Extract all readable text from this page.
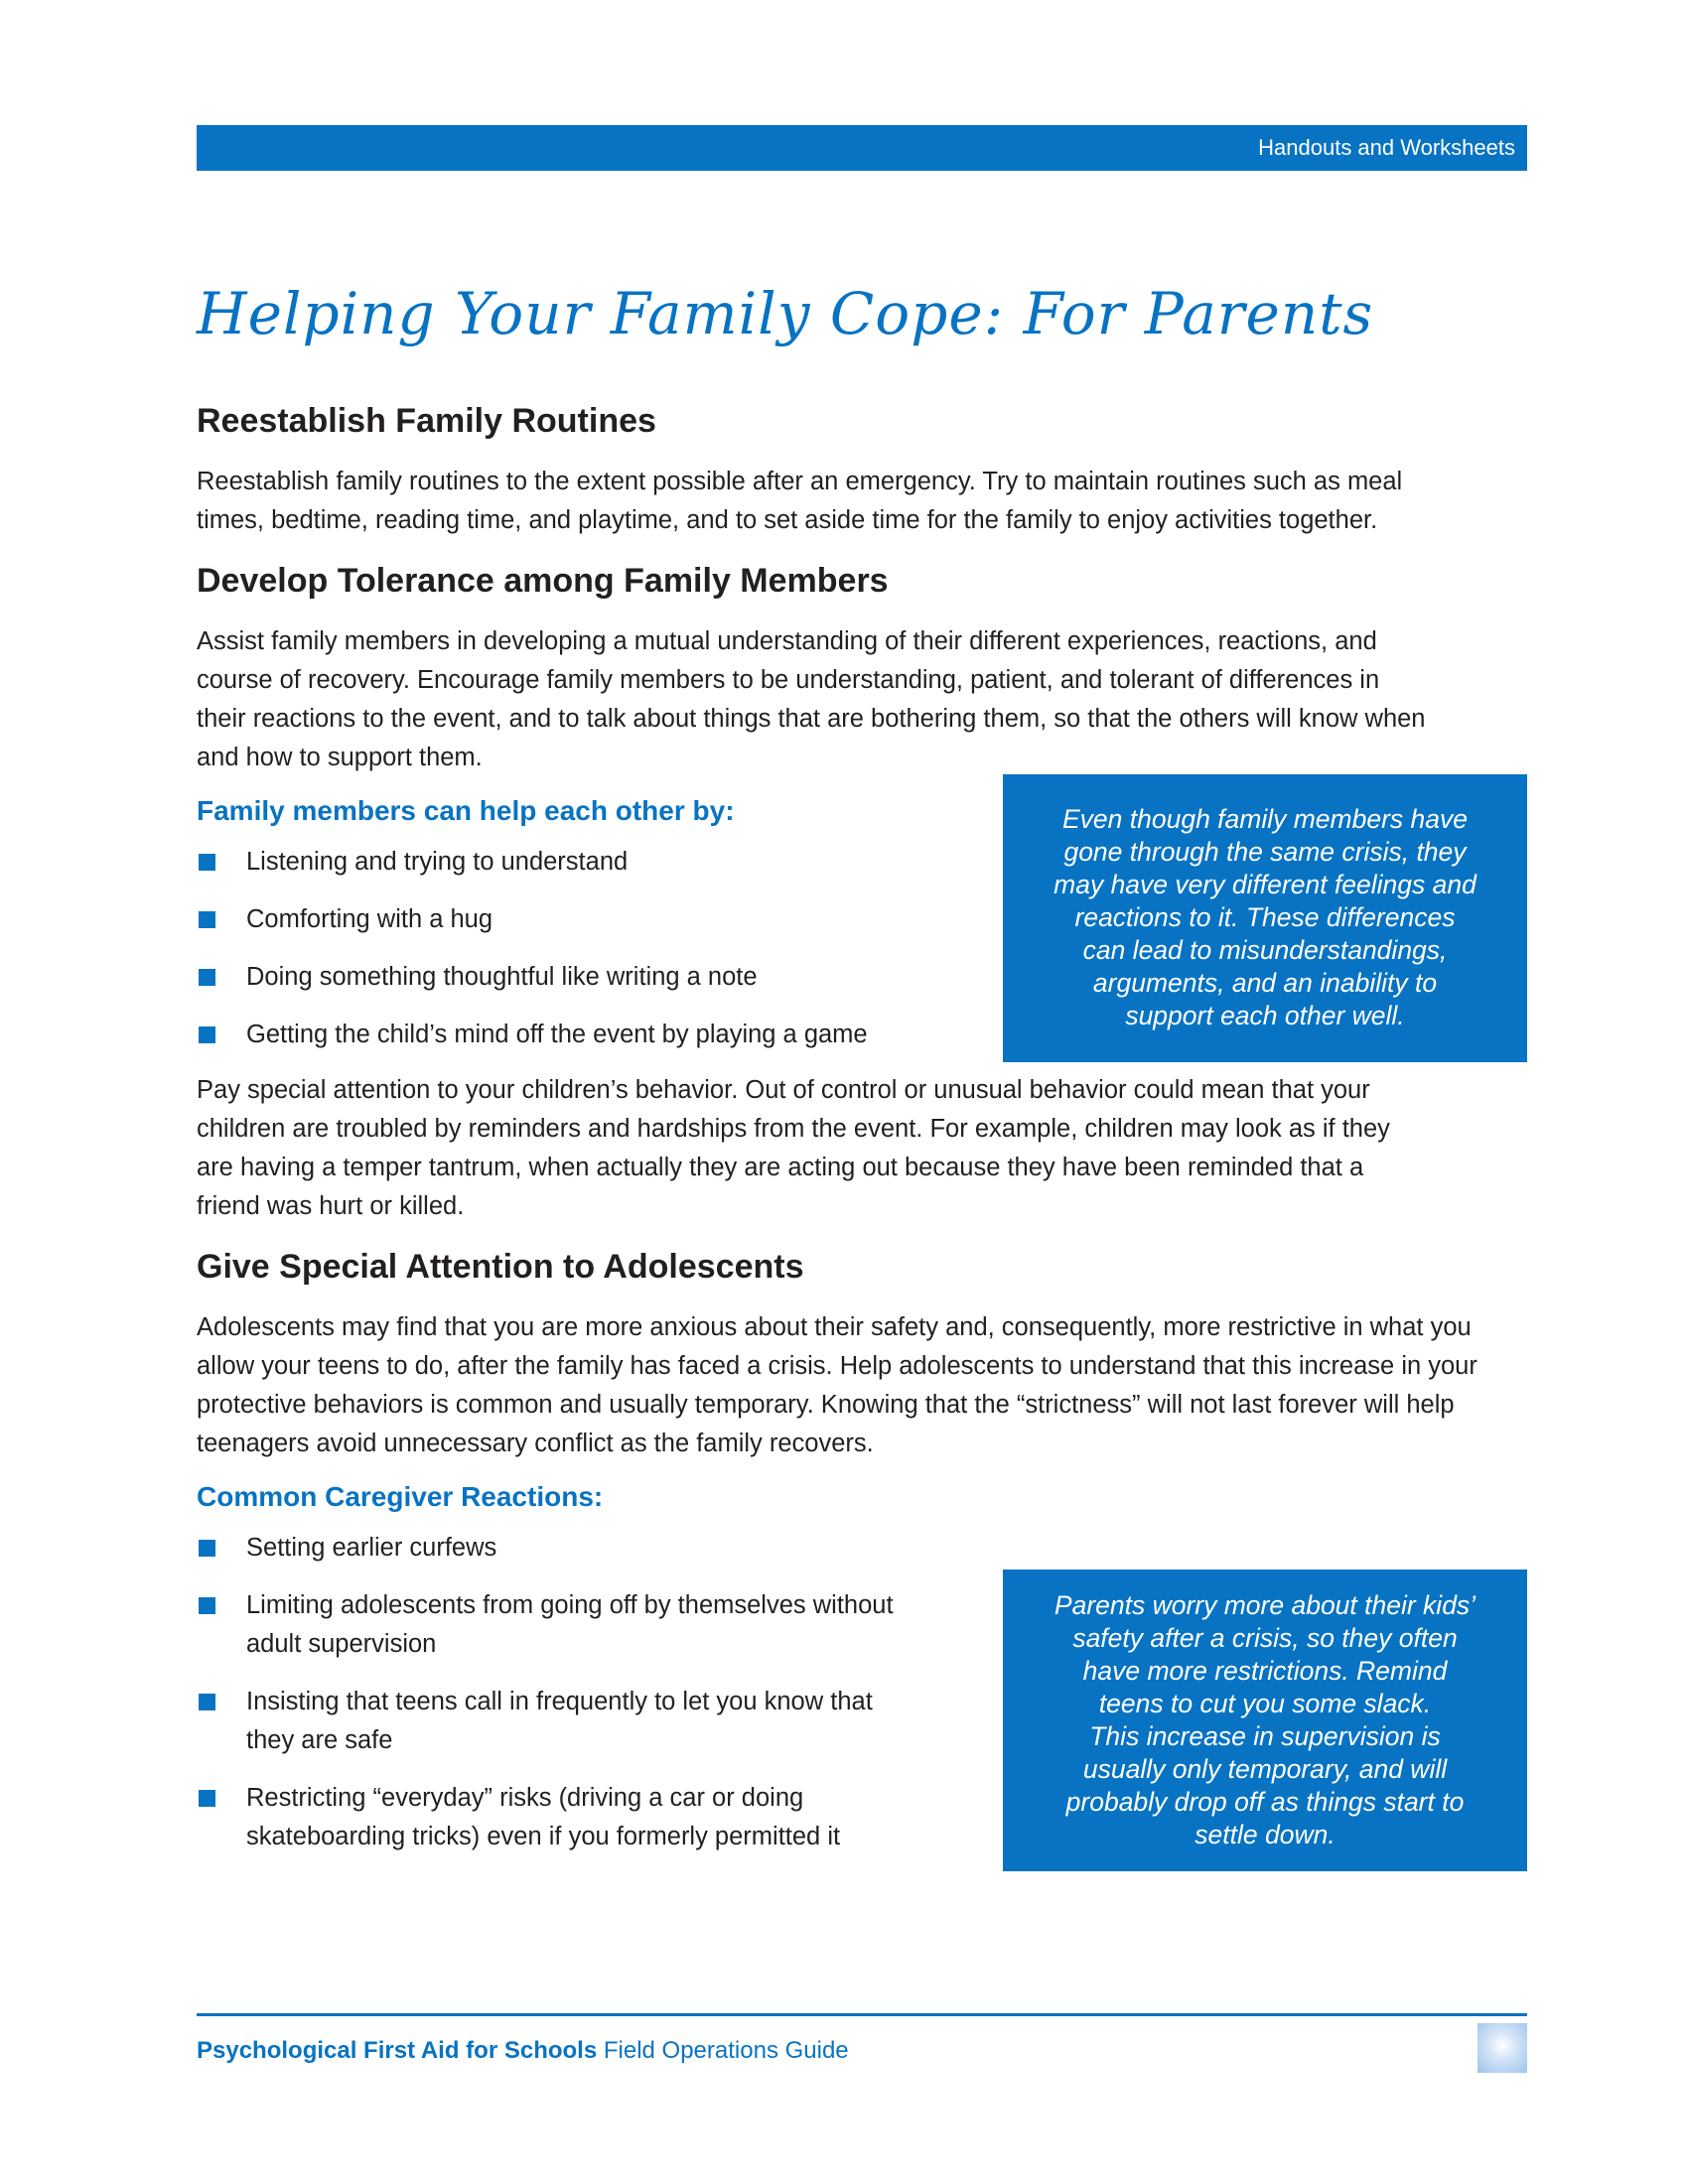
Handouts and Worksheets
Helping Your Family Cope: For Parents
Reestablish Family Routines

Reestablish family routines to the extent possible after an emergency. Try to maintain routines such as meal
times, bedtime, reading time, and playtime, and to set aside time for the family to enjoy activities together.

Develop Tolerance among Family Members

Assist family members in developing a mutual understanding of their different experiences, reactions, and
course of recovery. Encourage family members to be understanding, patient, and tolerant of differences in
their reactions to the event, and to talk about things that are bothering them, so that the others will know when
and how to support them.

Family members can help each other by:
Listening and trying to understand
Comforting with a hug
Doing something thoughtful like writing a note
Getting the child’s mind off the event by playing a game

Pay special attention to your children’s behavior. Out of control or unusual behavior could mean that your
children are troubled by reminders and hardships from the event. For example, children may look as if they
are having a temper tantrum, when actually they are acting out because they have been reminded that a
friend was hurt or killed.

Give Special Attention to Adolescents

Adolescents may find that you are more anxious about their safety and, consequently, more restrictive in what you
allow your teens to do, after the family has faced a crisis. Help adolescents to understand that this increase in your
protective behaviors is common and usually temporary. Knowing that the “strictness” will not last forever will help
teenagers avoid unnecessary conflict as the family recovers.

Common Caregiver Reactions:
Setting earlier curfews
Limiting adolescents from going off by themselves without
adult supervision
Insisting that teens call in frequently to let you know that
they are safe
Restricting “everyday” risks (driving a car or doing
skateboarding tricks) even if you formerly permitted it
Even though family members have
gone through the same crisis, they
may have very different feelings and
reactions to it. These differences
can lead to misunderstandings,
arguments, and an inability to
support each other well.
Parents worry more about their kids’
safety after a crisis, so they often
have more restrictions. Remind
teens to cut you some slack.
This increase in supervision is
usually only temporary, and will
probably drop off as things start to
settle down.
Psychological First Aid for Schools Field Operations Guide
